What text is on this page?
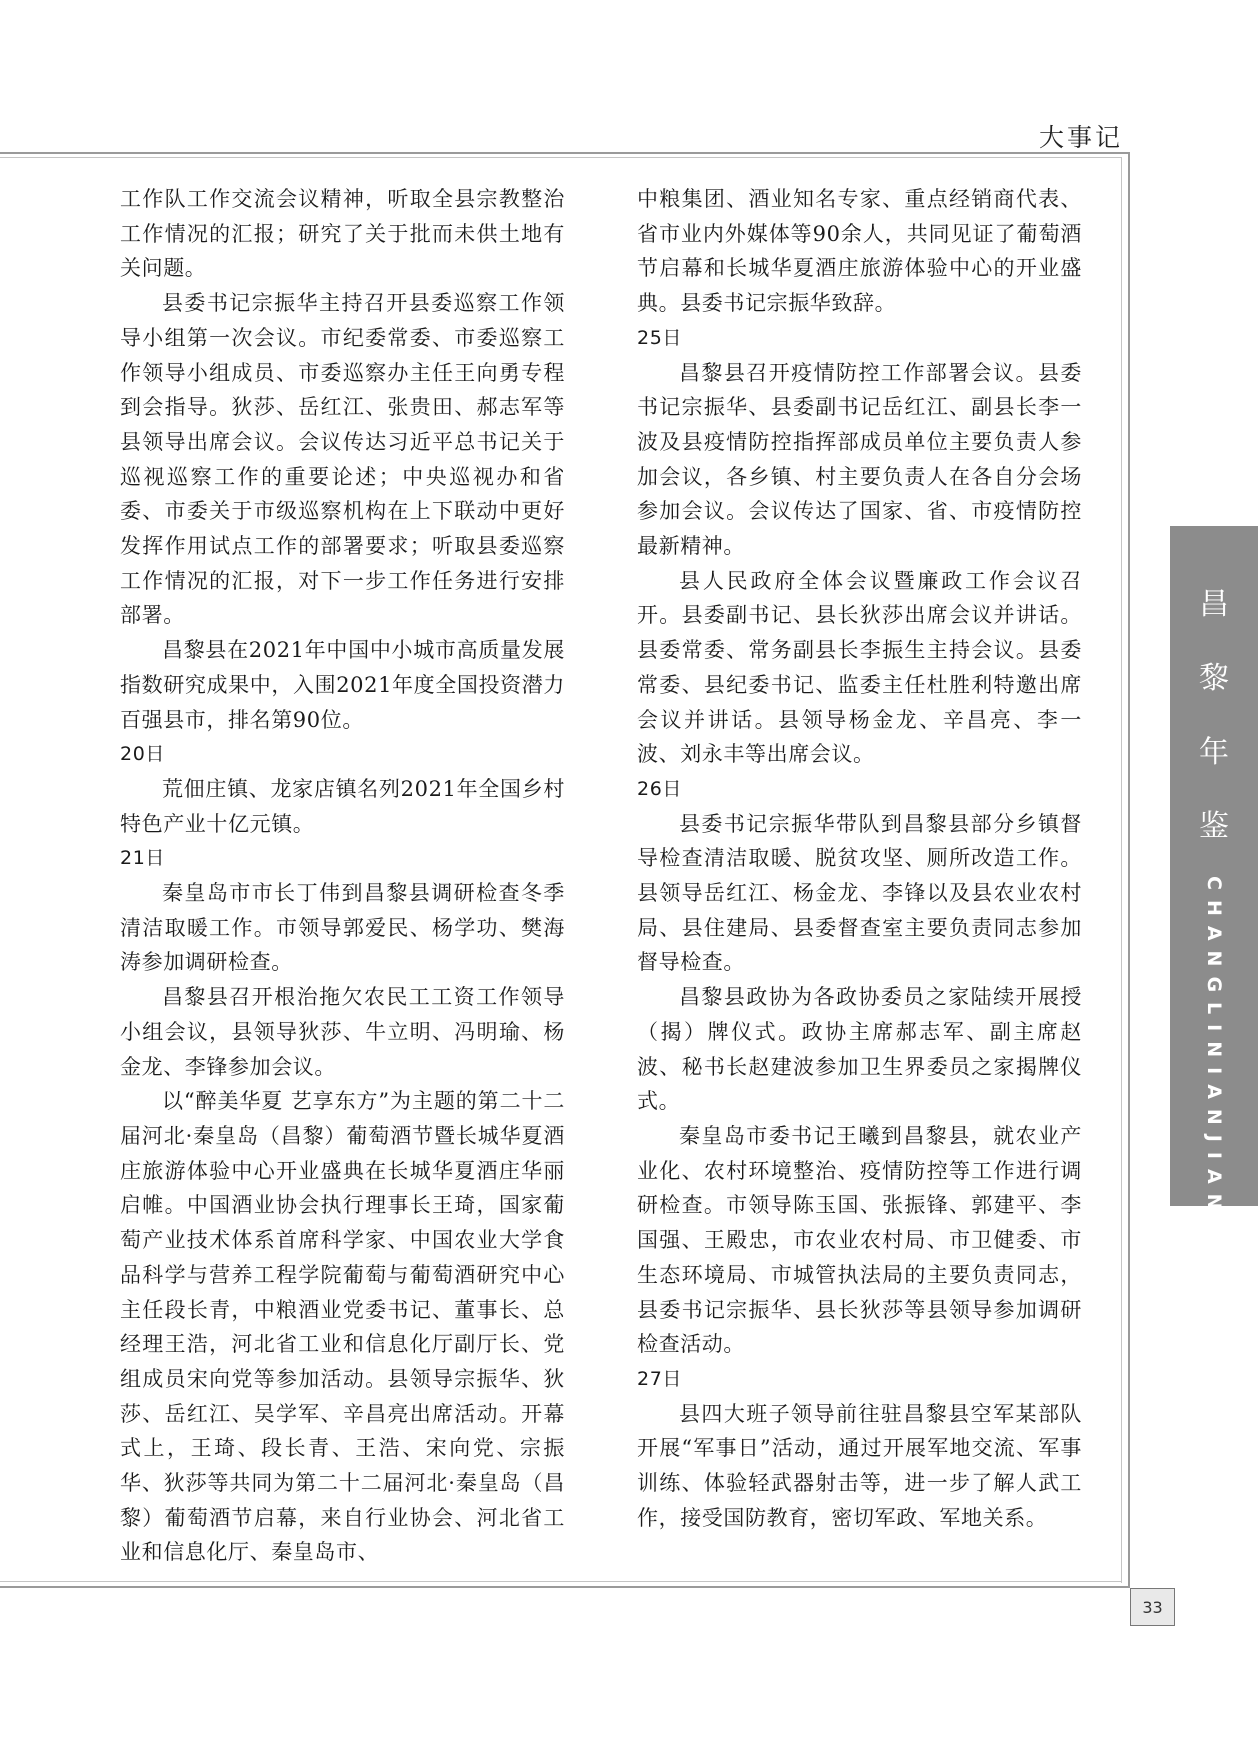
大事记
昌
黎
年
鉴
CHANGLINIANJIAN

工作队工作交流会议精神，听取全县宗教整治工作情况的汇报；研究了关于批而未供土地有关问题。

县委书记宗振华主持召开县委巡察工作领导小组第一次会议。市纪委常委、市委巡察工作领导小组成员、市委巡察办主任王向勇专程到会指导。狄莎、岳红江、张贵田、郝志军等县领导出席会议。会议传达习近平总书记关于巡视巡察工作的重要论述；中央巡视办和省委、市委关于市级巡察机构在上下联动中更好发挥作用试点工作的部署要求；听取县委巡察工作情况的汇报，对下一步工作任务进行安排部署。

昌黎县在2021年中国中小城市高质量发展指数研究成果中，入围2021年度全国投资潜力百强县市，排名第90位。

20日

荒佃庄镇、龙家店镇名列2021年全国乡村特色产业十亿元镇。

21日

秦皇岛市市长丁伟到昌黎县调研检查冬季清洁取暖工作。市领导郭爱民、杨学功、樊海涛参加调研检查。

昌黎县召开根治拖欠农民工工资工作领导小组会议，县领导狄莎、牛立明、冯明瑜、杨金龙、李锋参加会议。

以“醉美华夏 艺享东方”为主题的第二十二届河北·秦皇岛（昌黎）葡萄酒节暨长城华夏酒庄旅游体验中心开业盛典在长城华夏酒庄华丽启帷。中国酒业协会执行理事长王琦，国家葡萄产业技术体系首席科学家、中国农业大学食品科学与营养工程学院葡萄与葡萄酒研究中心主任段长青，中粮酒业党委书记、董事长、总经理王浩，河北省工业和信息化厅副厅长、党组成员宋向党等参加活动。县领导宗振华、狄莎、岳红江、吴学军、辛昌亮出席活动。开幕式上，王琦、段长青、王浩、宋向党、宗振华、狄莎等共同为第二十二届河北·秦皇岛（昌黎）葡萄酒节启幕，来自行业协会、河北省工业和信息化厅、秦皇岛市、

中粮集团、酒业知名专家、重点经销商代表、省市业内外媒体等90余人，共同见证了葡萄酒节启幕和长城华夏酒庄旅游体验中心的开业盛典。县委书记宗振华致辞。

25日

昌黎县召开疫情防控工作部署会议。县委书记宗振华、县委副书记岳红江、副县长李一波及县疫情防控指挥部成员单位主要负责人参加会议，各乡镇、村主要负责人在各自分会场参加会议。会议传达了国家、省、市疫情防控最新精神。

县人民政府全体会议暨廉政工作会议召开。县委副书记、县长狄莎出席会议并讲话。县委常委、常务副县长李振生主持会议。县委常委、县纪委书记、监委主任杜胜利特邀出席会议并讲话。县领导杨金龙、辛昌亮、李一波、刘永丰等出席会议。

26日

县委书记宗振华带队到昌黎县部分乡镇督导检查清洁取暖、脱贫攻坚、厕所改造工作。县领导岳红江、杨金龙、李锋以及县农业农村局、县住建局、县委督查室主要负责同志参加督导检查。

昌黎县政协为各政协委员之家陆续开展授（揭）牌仪式。政协主席郝志军、副主席赵波、秘书长赵建波参加卫生界委员之家揭牌仪式。

秦皇岛市委书记王曦到昌黎县，就农业产业化、农村环境整治、疫情防控等工作进行调研检查。市领导陈玉国、张振锋、郭建平、李国强、王殿忠，市农业农村局、市卫健委、市生态环境局、市城管执法局的主要负责同志，县委书记宗振华、县长狄莎等县领导参加调研检查活动。

27日

县四大班子领导前往驻昌黎县空军某部队开展“军事日”活动，通过开展军地交流、军事训练、体验轻武器射击等，进一步了解人武工作，接受国防教育，密切军政、军地关系。

33
